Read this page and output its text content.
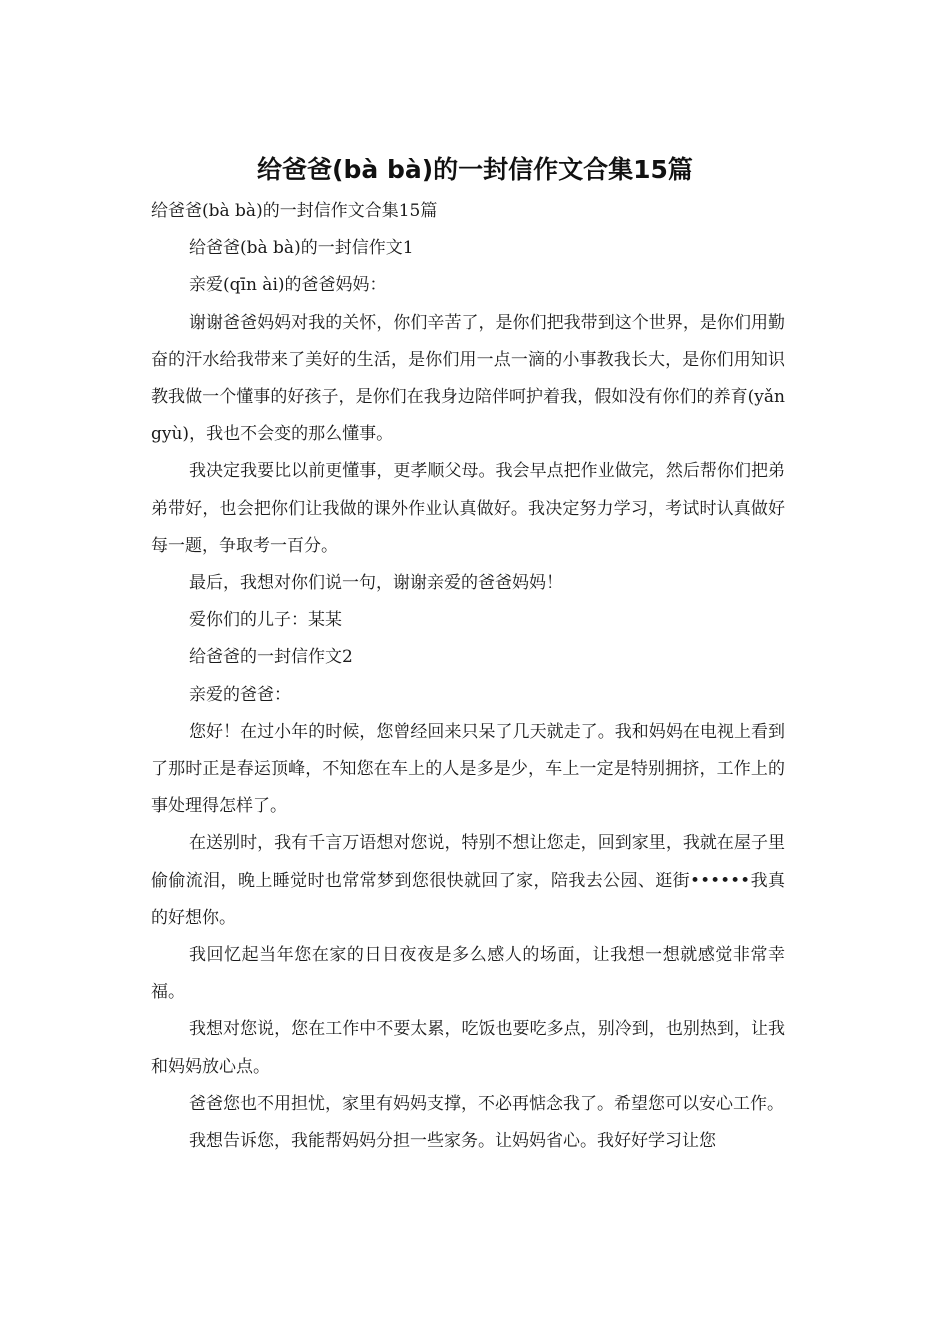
给爸爸(bà bà)的一封信作文合集15篇

给爸爸(bà bà)的一封信作文合集15篇

给爸爸(bà bà)的一封信作文1

亲爱(qīn ài)的爸爸妈妈：

谢谢爸爸妈妈对我的关怀，你们辛苦了，是你们把我带到这个世界，是你们用勤奋的汗水给我带来了美好的生活，是你们用一点一滴的小事教我长大，是你们用知识教我做一个懂事的好孩子，是你们在我身边陪伴呵护着我，假如没有你们的养育(yǎngyù)，我也不会变的那么懂事。

我决定我要比以前更懂事，更孝顺父母。我会早点把作业做完，然后帮你们把弟弟带好，也会把你们让我做的课外作业认真做好。我决定努力学习，考试时认真做好每一题，争取考一百分。

最后，我想对你们说一句，谢谢亲爱的爸爸妈妈！

爱你们的儿子：某某

给爸爸的一封信作文2

亲爱的爸爸：

您好！在过小年的时候，您曾经回来只呆了几天就走了。我和妈妈在电视上看到了那时正是春运顶峰，不知您在车上的人是多是少，车上一定是特别拥挤，工作上的事处理得怎样了。

在送别时，我有千言万语想对您说，特别不想让您走，回到家里，我就在屋子里偷偷流泪，晚上睡觉时也常常梦到您很快就回了家，陪我去公园、逛街••••••我真的好想你。

我回忆起当年您在家的日日夜夜是多么感人的场面，让我想一想就感觉非常幸福。

我想对您说，您在工作中不要太累，吃饭也要吃多点，别冷到，也别热到，让我和妈妈放心点。

爸爸您也不用担忧，家里有妈妈支撑，不必再惦念我了。希望您可以安心工作。

我想告诉您，我能帮妈妈分担一些家务。让妈妈省心。我好好学习让您
